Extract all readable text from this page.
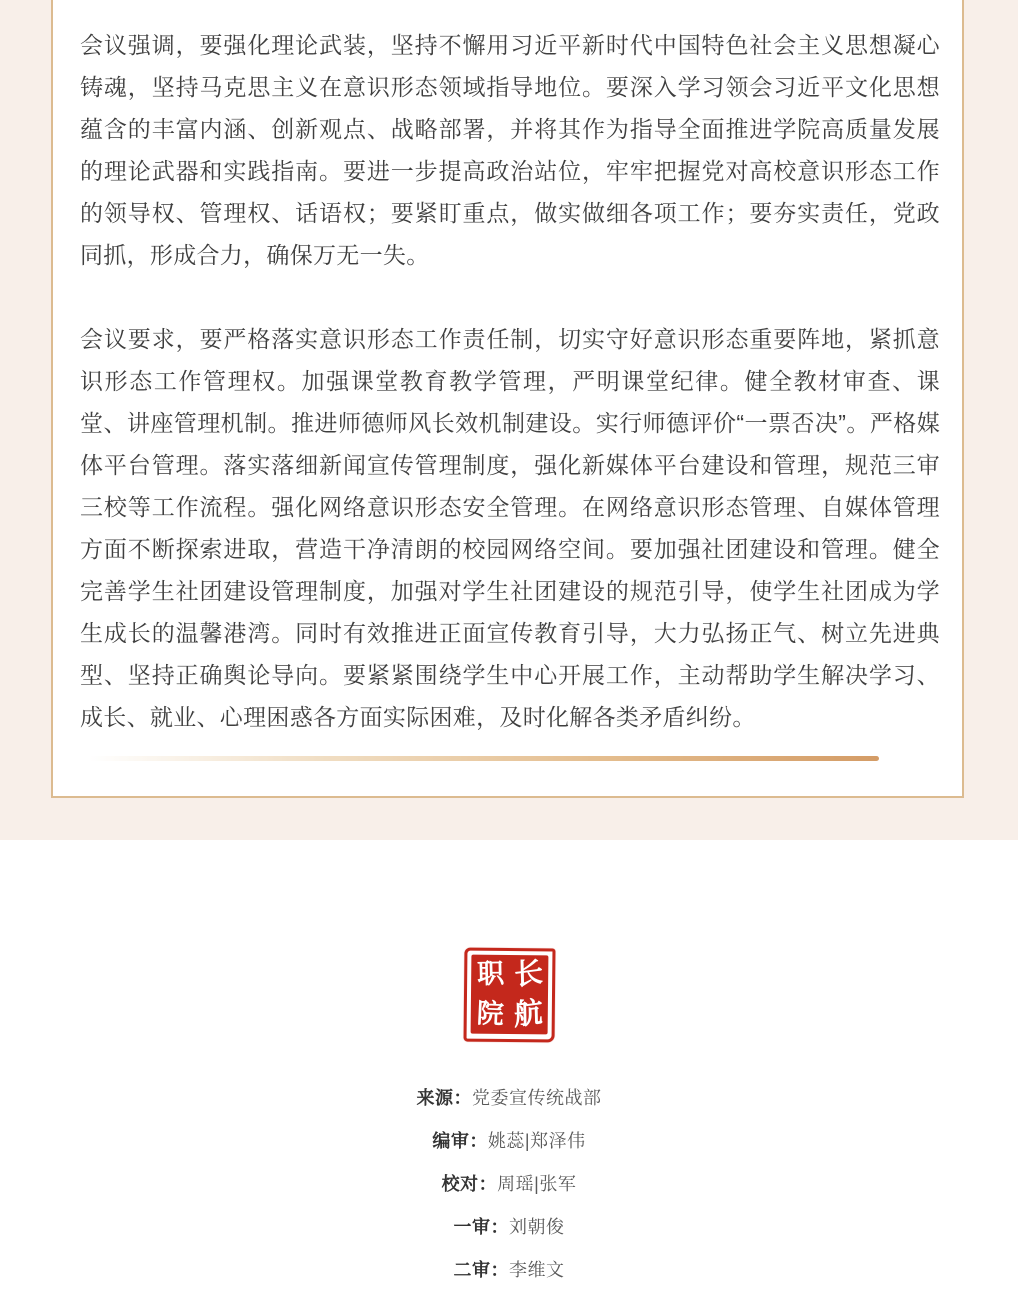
会议强调，要强化理论武装，坚持不懈用习近平新时代中国特色社会主义思想凝心铸魂，坚持马克思主义在意识形态领域指导地位。要深入学习领会习近平文化思想蕴含的丰富内涵、创新观点、战略部署，并将其作为指导全面推进学院高质量发展的理论武器和实践指南。要进一步提高政治站位，牢牢把握党对高校意识形态工作的领导权、管理权、话语权；要紧盯重点，做实做细各项工作；要夯实责任，党政同抓，形成合力，确保万无一失。

会议要求，要严格落实意识形态工作责任制，切实守好意识形态重要阵地，紧抓意识形态工作管理权。加强课堂教育教学管理，严明课堂纪律。健全教材审查、课堂、讲座管理机制。推进师德师风长效机制建设。实行师德评价“一票否决”。严格媒体平台管理。落实落细新闻宣传管理制度，强化新媒体平台建设和管理，规范三审三校等工作流程。强化网络意识形态安全管理。在网络意识形态管理、自媒体管理方面不断探索进取，营造干净清朗的校园网络空间。要加强社团建设和管理。健全完善学生社团建设管理制度，加强对学生社团建设的规范引导，使学生社团成为学生成长的温馨港湾。同时有效推进正面宣传教育引导，大力弘扬正气、树立先进典型、坚持正确舆论导向。要紧紧围绕学生中心开展工作，主动帮助学生解决学习、成长、就业、心理困惑各方面实际困难，及时化解各类矛盾纠纷。

职 长
院 航
来源：党委宣传统战部
编审：姚蕊|郑泽伟
校对：周瑶|张军
一审：刘朝俊
二审：李维文
